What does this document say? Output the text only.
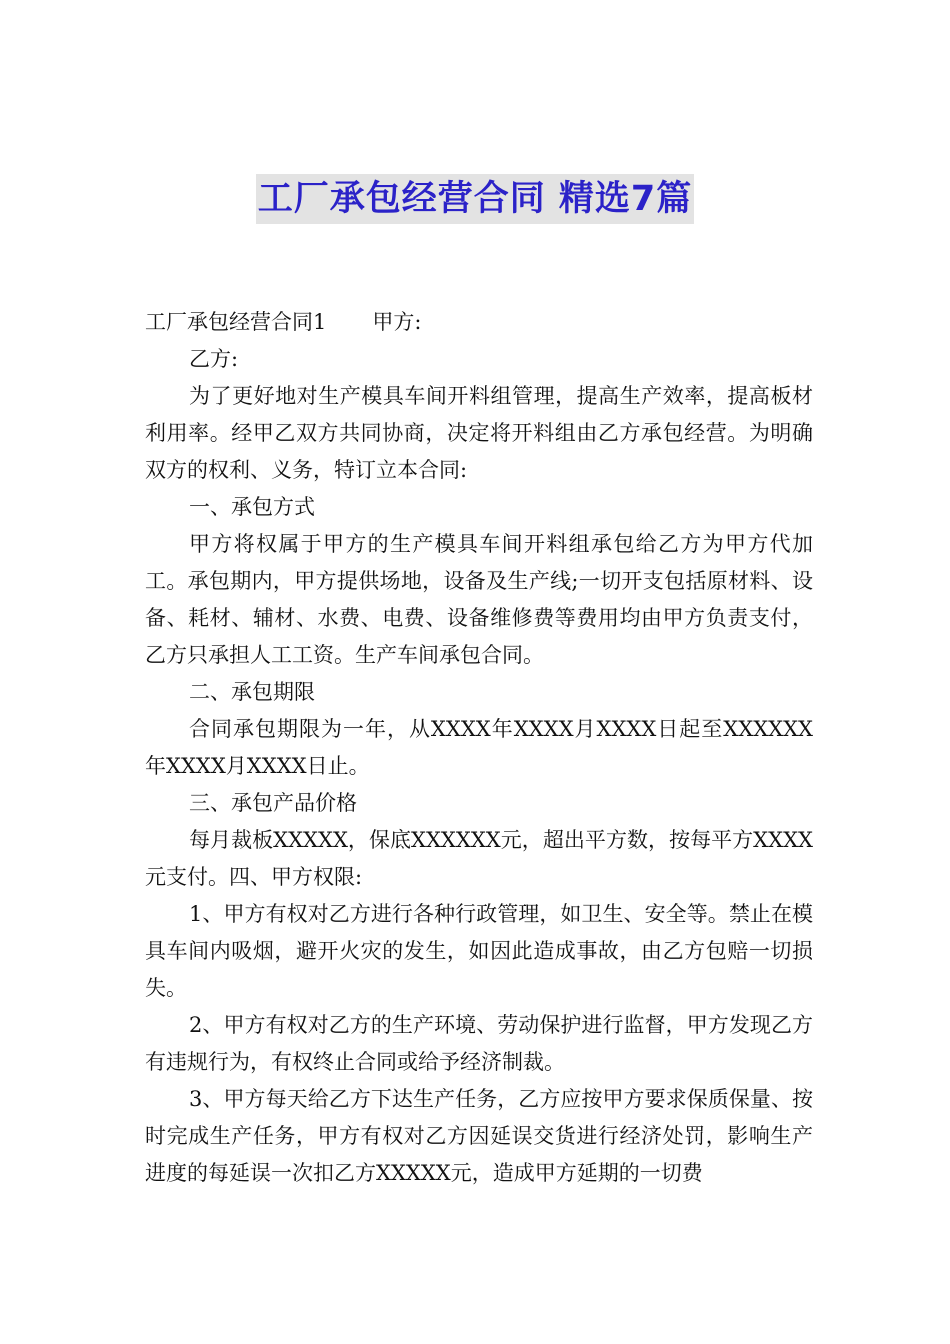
工厂承包经营合同 精选7篇

工厂承包经营合同1 甲方:

乙方:

为了更好地对生产模具车间开料组管理，提高生产效率，提高板材利用率。经甲乙双方共同协商，决定将开料组由乙方承包经营。为明确双方的权利、义务，特订立本合同:

一、承包方式

甲方将权属于甲方的生产模具车间开料组承包给乙方为甲方代加工。承包期内，甲方提供场地，设备及生产线;一切开支包括原材料、设备、耗材、辅材、水费、电费、设备维修费等费用均由甲方负责支付，乙方只承担人工工资。生产车间承包合同。

二、承包期限

合同承包期限为一年，从XXXX年XXXX月XXXX日起至XXXXXX年XXXX月XXXX日止。

三、承包产品价格

每月裁板XXXXX，保底XXXXXX元，超出平方数，按每平方XXXX元支付。四、甲方权限:

1、甲方有权对乙方进行各种行政管理，如卫生、安全等。禁止在模具车间内吸烟，避开火灾的发生，如因此造成事故，由乙方包赔一切损失。

2、甲方有权对乙方的生产环境、劳动保护进行监督，甲方发现乙方有违规行为，有权终止合同或给予经济制裁。

3、甲方每天给乙方下达生产任务，乙方应按甲方要求保质保量、按时完成生产任务，甲方有权对乙方因延误交货进行经济处罚，影响生产进度的每延误一次扣乙方XXXXX元，造成甲方延期的一切费
